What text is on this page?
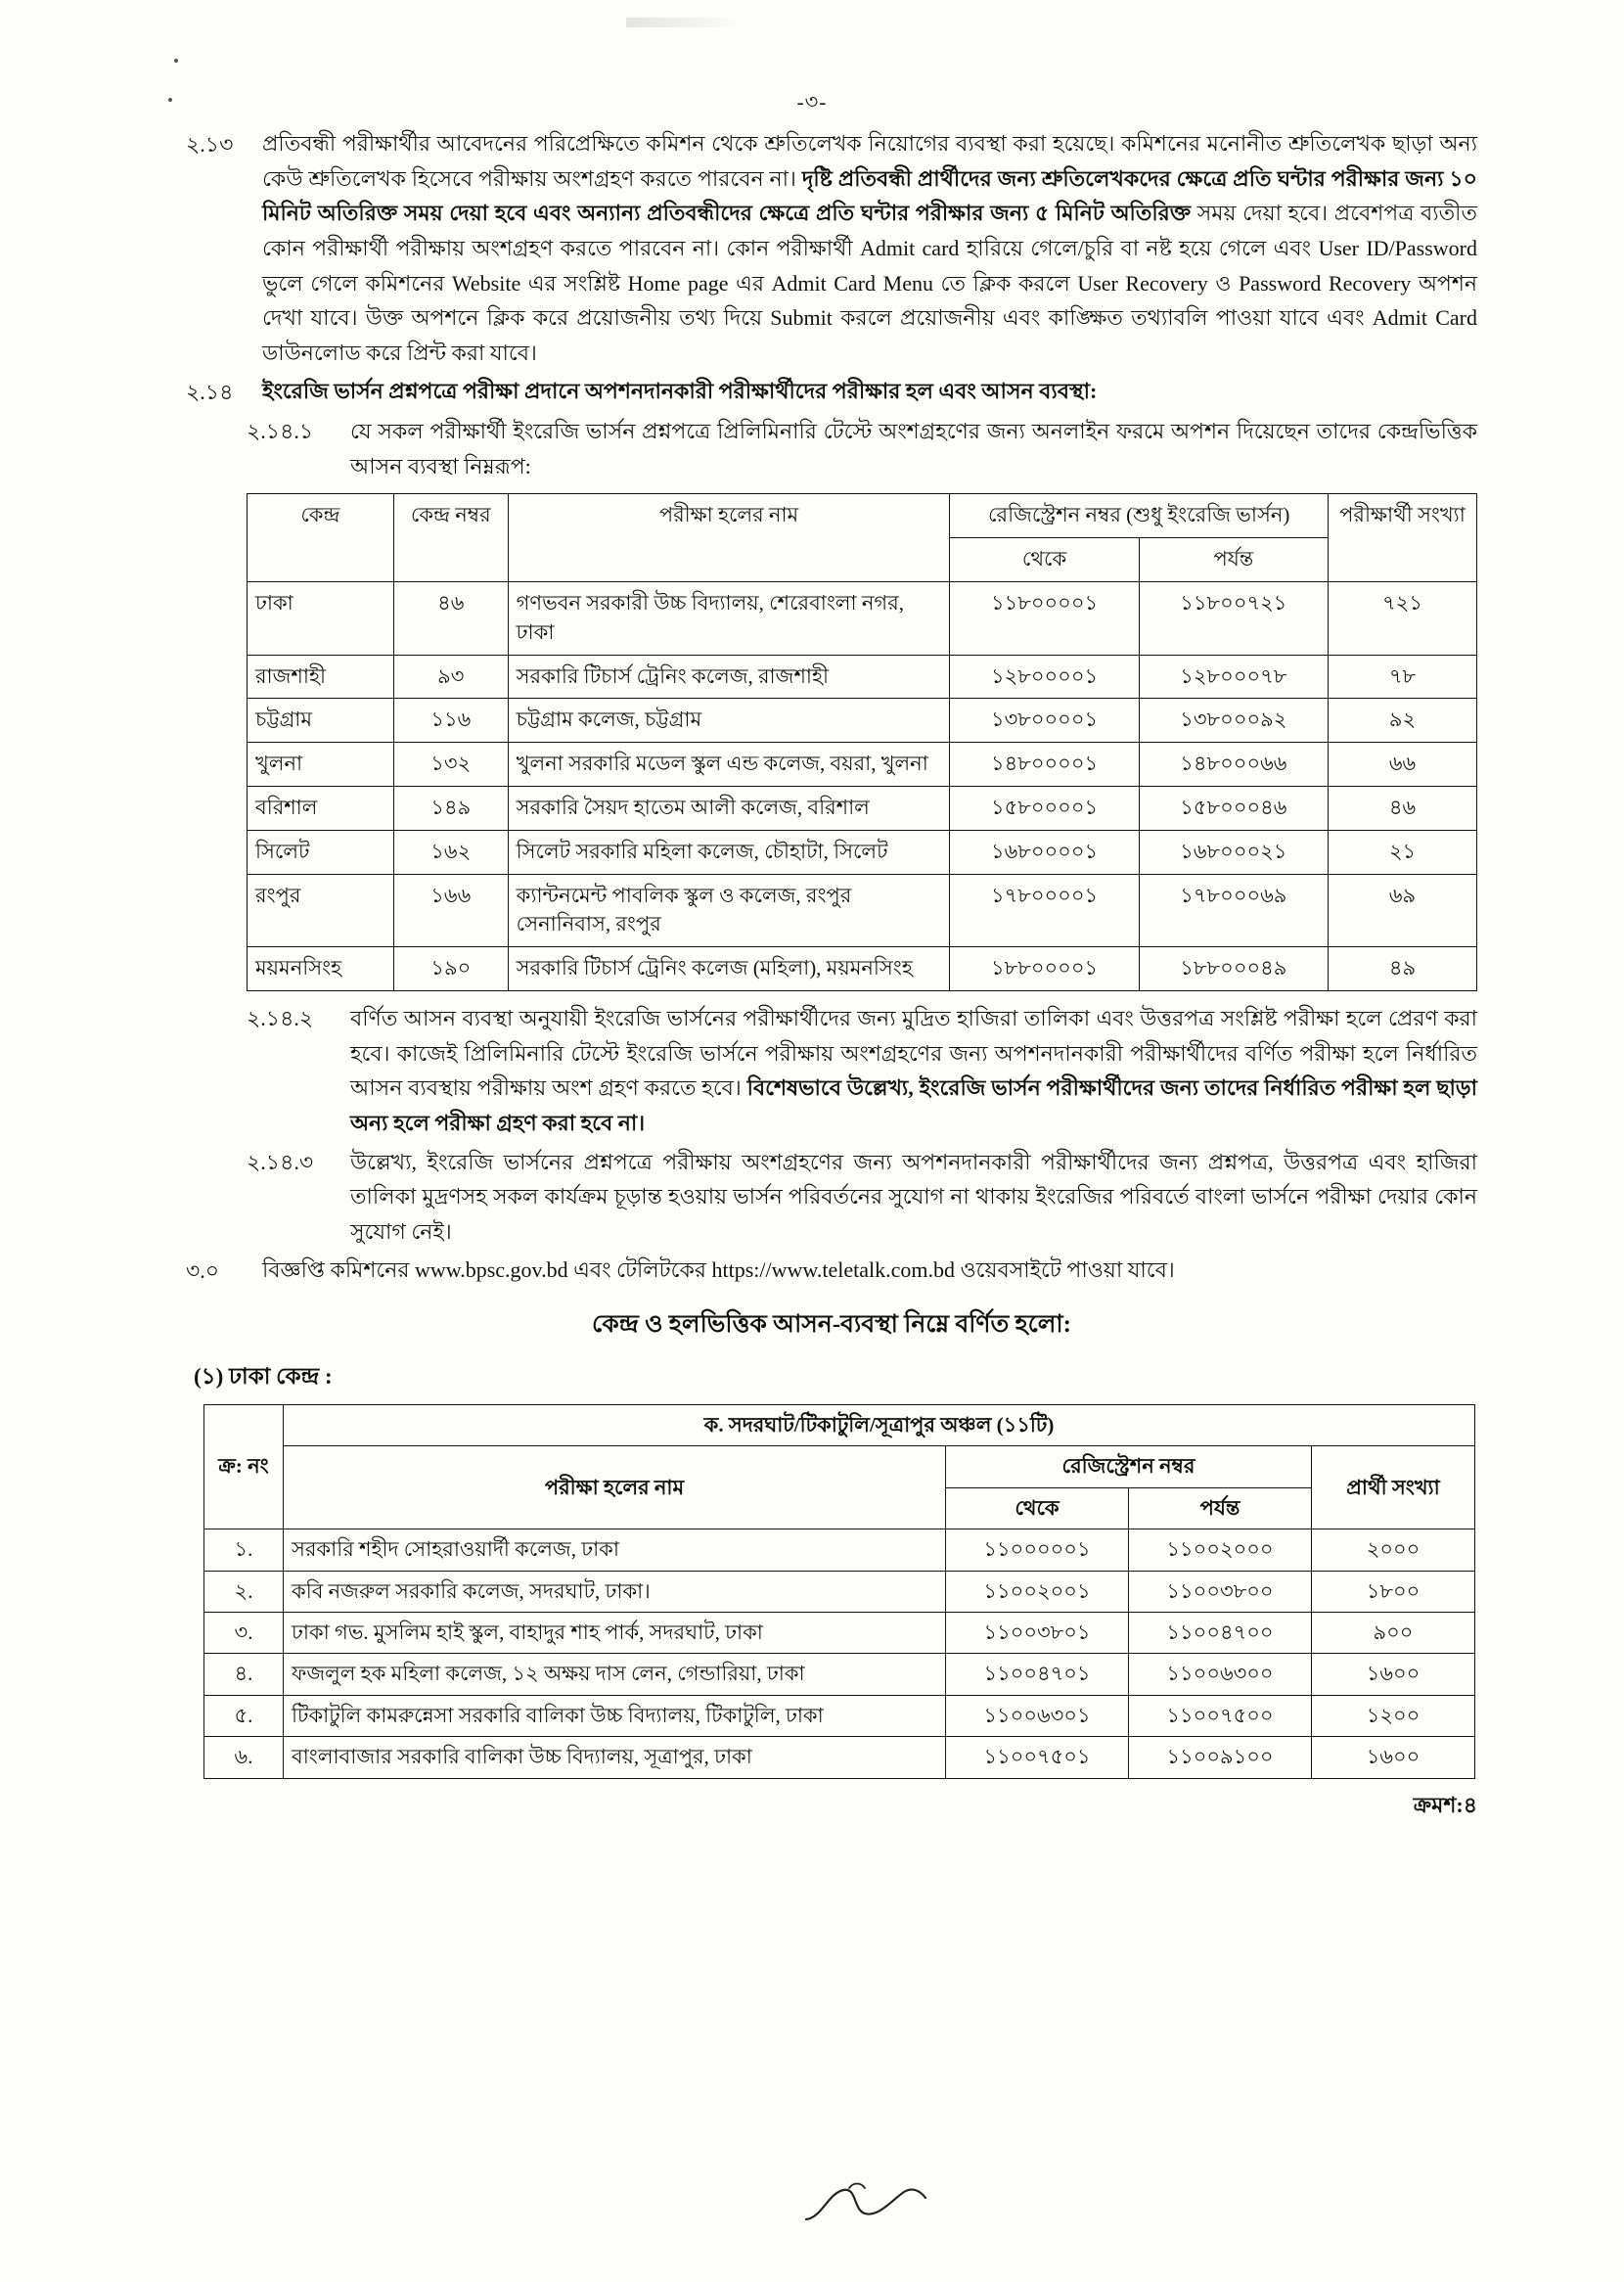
-৩-
২.১৩	প্রতিবন্ধী পরীক্ষার্থীর আবেদনের পরিপ্রেক্ষিতে কমিশন থেকে শ্রুতিলেখক নিয়োগের ব্যবস্থা করা হয়েছে। কমিশনের মনোনীত শ্রুতিলেখক ছাড়া অন্য কেউ শ্রুতিলেখক হিসেবে পরীক্ষায় অংশগ্রহণ করতে পারবেন না। দৃষ্টি প্রতিবন্ধী প্রার্থীদের জন্য শ্রুতিলেখকদের ক্ষেত্রে প্রতি ঘন্টার পরীক্ষার জন্য ১০ মিনিট অতিরিক্ত সময় দেয়া হবে এবং অন্যান্য প্রতিবন্ধীদের ক্ষেত্রে প্রতি ঘন্টার পরীক্ষার জন্য ৫ মিনিট অতিরিক্ত সময় দেয়া হবে। প্রবেশপত্র ব্যতীত কোন পরীক্ষার্থী পরীক্ষায় অংশগ্রহণ করতে পারবেন না। কোন পরীক্ষার্থী Admit card হারিয়ে গেলে/চুরি বা নষ্ট হয়ে গেলে এবং User ID/Password ভুলে গেলে কমিশনের Website এর সংশ্লিষ্ট Home page এর Admit Card Menu তে ক্লিক করলে User Recovery ও Password Recovery অপশন দেখা যাবে। উক্ত অপশনে ক্লিক করে প্রয়োজনীয় তথ্য দিয়ে Submit করলে প্রয়োজনীয় এবং কাঙ্ক্ষিত তথ্যাবলি পাওয়া যাবে এবং Admit Card ডাউনলোড করে প্রিন্ট করা যাবে।
২.১৪	ইংরেজি ভার্সন প্রশ্নপত্রে পরীক্ষা প্রদানে অপশনদানকারী পরীক্ষার্থীদের পরীক্ষার হল এবং আসন ব্যবস্থা:
২.১৪.১	যে সকল পরীক্ষার্থী ইংরেজি ভার্সন প্রশ্নপত্রে প্রিলিমিনারি টেস্টে অংশগ্রহণের জন্য অনলাইন ফরমে অপশন দিয়েছেন তাদের কেন্দ্রভিত্তিক আসন ব্যবস্থা নিম্নরূপ:
কেন্দ্র	কেন্দ্র নম্বর	পরীক্ষা হলের নাম	রেজিস্ট্রেশন নম্বর (শুধু ইংরেজি ভার্সন)		পরীক্ষার্থী সংখ্যা
			থেকে	পর্যন্ত	
ঢাকা	৪৬	গণভবন সরকারী উচ্চ বিদ্যালয়, শেরেবাংলা নগর, ঢাকা	১১৮০০০০১	১১৮০০৭২১	৭২১
রাজশাহী	৯৩	সরকারি টিচার্স ট্রেনিং কলেজ, রাজশাহী	১২৮০০০০১	১২৮০০০৭৮	৭৮
চট্টগ্রাম	১১৬	চট্টগ্রাম কলেজ, চট্টগ্রাম	১৩৮০০০০১	১৩৮০০০৯২	৯২
খুলনা	১৩২	খুলনা সরকারি মডেল স্কুল এন্ড কলেজ, বয়রা, খুলনা	১৪৮০০০০১	১৪৮০০০৬৬	৬৬
বরিশাল	১৪৯	সরকারি সৈয়দ হাতেম আলী কলেজ, বরিশাল	১৫৮০০০০১	১৫৮০০০৪৬	৪৬
সিলেট	১৬২	সিলেট সরকারি মহিলা কলেজ, চৌহাটা, সিলেট	১৬৮০০০০১	১৬৮০০০২১	২১
রংপুর	১৬৬	ক্যান্টনমেন্ট পাবলিক স্কুল ও কলেজ, রংপুর সেনানিবাস, রংপুর	১৭৮০০০০১	১৭৮০০০৬৯	৬৯
ময়মনসিংহ	১৯০	সরকারি টিচার্স ট্রেনিং কলেজ (মহিলা), ময়মনসিংহ	১৮৮০০০০১	১৮৮০০০৪৯	৪৯
২.১৪.২	বর্ণিত আসন ব্যবস্থা অনুযায়ী ইংরেজি ভার্সনের পরীক্ষার্থীদের জন্য মুদ্রিত হাজিরা তালিকা এবং উত্তরপত্র সংশ্লিষ্ট পরীক্ষা হলে প্রেরণ করা হবে। কাজেই প্রিলিমিনারি টেস্টে ইংরেজি ভার্সনে পরীক্ষায় অংশগ্রহণের জন্য অপশনদানকারী পরীক্ষার্থীদের বর্ণিত পরীক্ষা হলে নির্ধারিত আসন ব্যবস্থায় পরীক্ষায় অংশ গ্রহণ করতে হবে। বিশেষভাবে উল্লেখ্য, ইংরেজি ভার্সন পরীক্ষার্থীদের জন্য তাদের নির্ধারিত পরীক্ষা হল ছাড়া অন্য হলে পরীক্ষা গ্রহণ করা হবে না।
২.১৪.৩	উল্লেখ্য, ইংরেজি ভার্সনের প্রশ্নপত্রে পরীক্ষায় অংশগ্রহণের জন্য অপশনদানকারী পরীক্ষার্থীদের জন্য প্রশ্নপত্র, উত্তরপত্র এবং হাজিরা তালিকা মুদ্রণসহ সকল কার্যক্রম চূড়ান্ত হওয়ায় ভার্সন পরিবর্তনের সুযোগ না থাকায় ইংরেজির পরিবর্তে বাংলা ভার্সনে পরীক্ষা দেয়ার কোন সুযোগ নেই।
৩.০	বিজ্ঞপ্তি কমিশনের www.bpsc.gov.bd এবং টেলিটকের https://www.teletalk.com.bd ওয়েবসাইটে পাওয়া যাবে।
কেন্দ্র ও হলভিত্তিক আসন-ব্যবস্থা নিম্নে বর্ণিত হলো:
(১) ঢাকা কেন্দ্র :
ক্র: নং	ক. সদরঘাট/টিকাটুলি/সূত্রাপুর অঞ্চল (১১টি)			
	পরীক্ষা হলের নাম	রেজিস্ট্রেশন নম্বর		প্রার্থী সংখ্যা
		থেকে	পর্যন্ত	
১.	সরকারি শহীদ সোহরাওয়ার্দী কলেজ, ঢাকা	১১০০০০০১	১১০০২০০০	২০০০
২.	কবি নজরুল সরকারি কলেজ, সদরঘাট, ঢাকা।	১১০০২০০১	১১০০৩৮০০	১৮০০
৩.	ঢাকা গভ. মুসলিম হাই স্কুল, বাহাদুর শাহ পার্ক, সদরঘাট, ঢাকা	১১০০৩৮০১	১১০০৪৭০০	৯০০
৪.	ফজলুল হক মহিলা কলেজ, ১২ অক্ষয় দাস লেন, গেন্ডারিয়া, ঢাকা	১১০০৪৭০১	১১০০৬৩০০	১৬০০
৫.	টিকাটুলি কামরুন্নেসা সরকারি বালিকা উচ্চ বিদ্যালয়, টিকাটুলি, ঢাকা	১১০০৬৩০১	১১০০৭৫০০	১২০০
৬.	বাংলাবাজার সরকারি বালিকা উচ্চ বিদ্যালয়, সূত্রাপুর, ঢাকা	১১০০৭৫০১	১১০০৯১০০	১৬০০
ক্রমশ:৪
